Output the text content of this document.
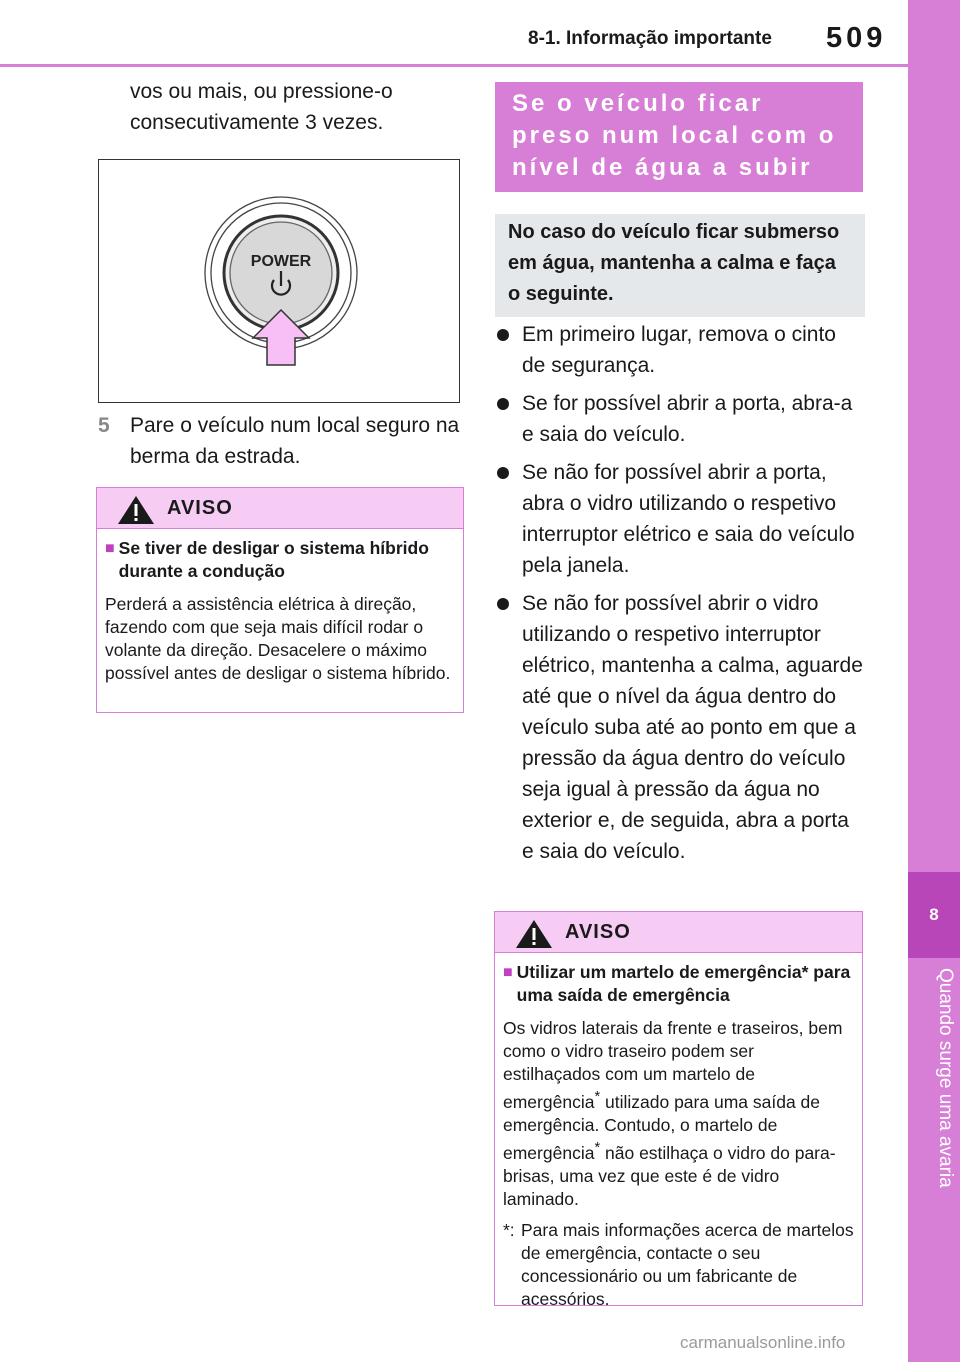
8-1. Informação importante 509
8
Quando surge uma avaria
vos ou mais, ou pressione-o consecutivamente 3 vezes.
POWER
5 Pare o veículo num local seguro na berma da estrada.
AVISO
■ Se tiver de desligar o sistema híbrido durante a condução

Perderá a assistência elétrica à direção, fazendo com que seja mais difícil rodar o volante da direção. Desacelere o máximo possível antes de desligar o sistema híbrido.

Se o veículo ficar preso num local com o nível de água a subir
No caso do veículo ficar submerso em água, mantenha a calma e faça o seguinte.
Em primeiro lugar, remova o cinto de segurança.
Se for possível abrir a porta, abra-a e saia do veículo.
Se não for possível abrir a porta, abra o vidro utilizando o respetivo interruptor elétrico e saia do veículo pela janela.
Se não for possível abrir o vidro utilizando o respetivo interruptor elétrico, mantenha a calma, aguarde até que o nível da água dentro do veículo suba até ao ponto em que a pressão da água dentro do veículo seja igual à pressão da água no exterior e, de seguida, abra a porta e saia do veículo.
AVISO
■ Utilizar um martelo de emergência* para uma saída de emergência

Os vidros laterais da frente e traseiros, bem como o vidro traseiro podem ser estilhaçados com um martelo de emergência* utilizado para uma saída de emergência. Contudo, o martelo de emergência* não estilhaça o vidro do para-brisas, uma vez que este é de vidro laminado.

*: Para mais informações acerca de martelos de emergência, contacte o seu concessionário ou um fabricante de acessórios.
carmanualsonline.info
